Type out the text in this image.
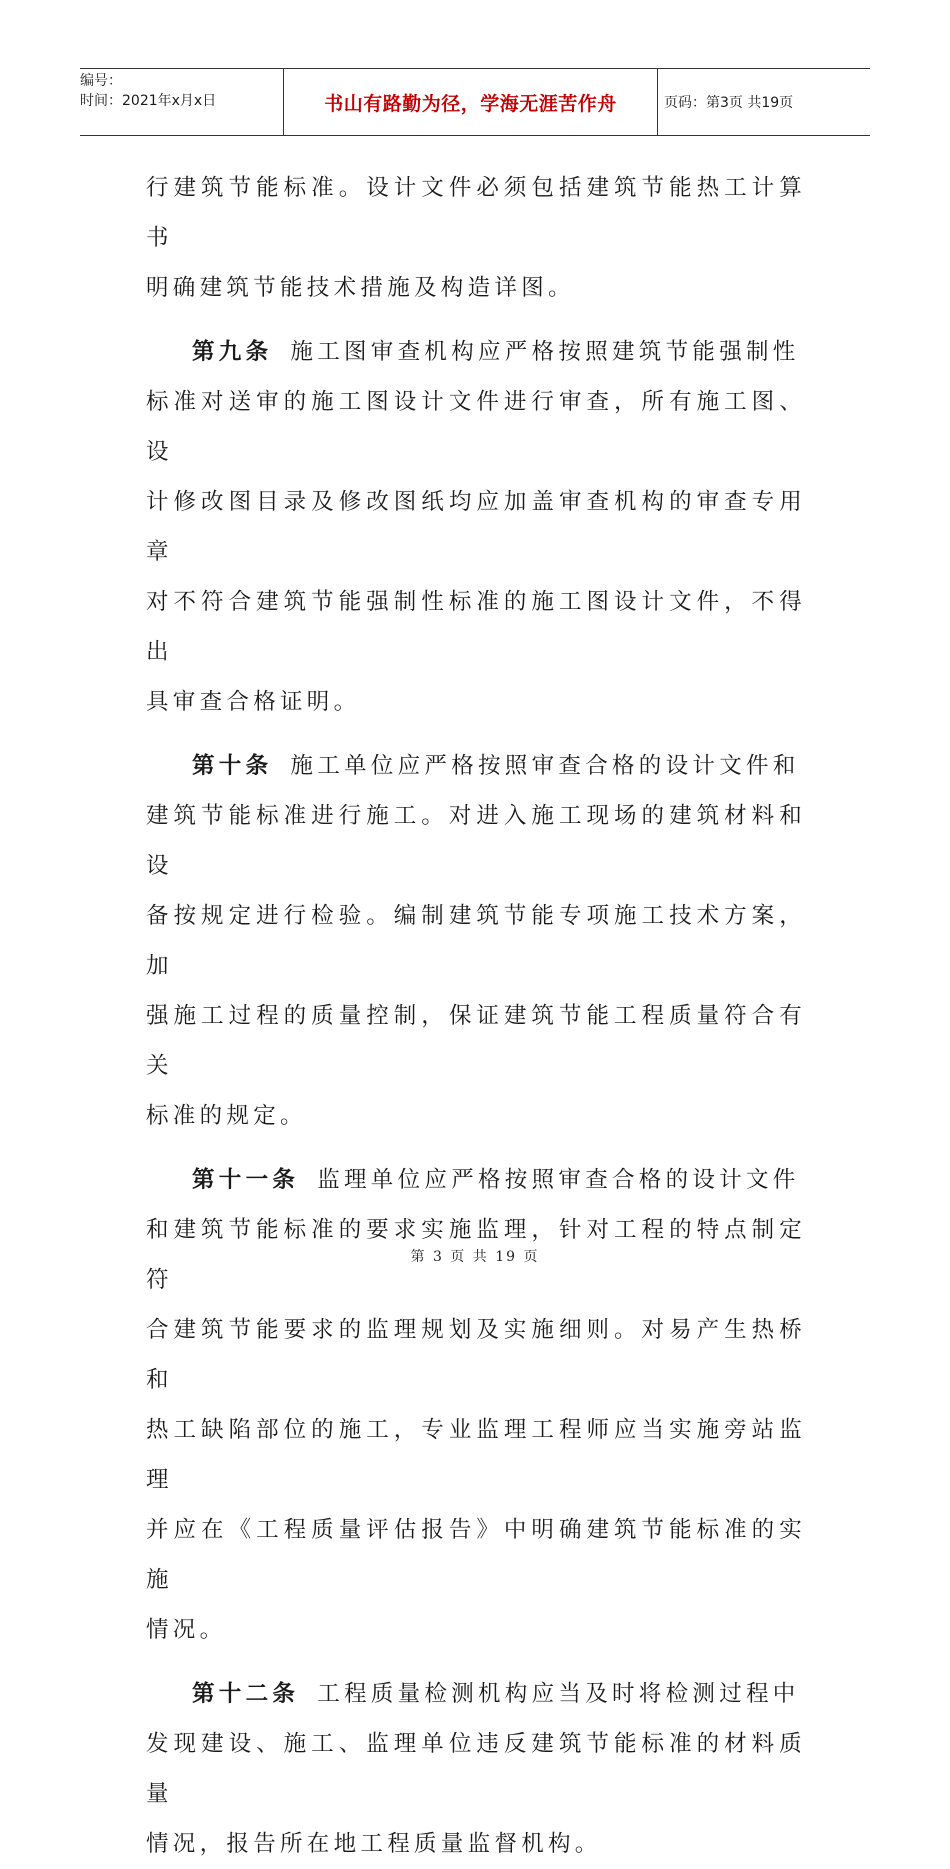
编号：
时间：2021年x月x日	书山有路勤为径，学海无涯苦作舟	页码：第3页 共19页

行建筑节能标准。设计文件必须包括建筑节能热工计算书

明确建筑节能技术措施及构造详图。

第九条 施工图审查机构应严格按照建筑节能强制性

标准对送审的施工图设计文件进行审查，所有施工图、设

计修改图目录及修改图纸均应加盖审查机构的审查专用章

对不符合建筑节能强制性标准的施工图设计文件，不得出

具审查合格证明。

第十条 施工单位应严格按照审查合格的设计文件和

建筑节能标准进行施工。对进入施工现场的建筑材料和设

备按规定进行检验。编制建筑节能专项施工技术方案，加

强施工过程的质量控制，保证建筑节能工程质量符合有关

标准的规定。

第十一条 监理单位应严格按照审查合格的设计文件

和建筑节能标准的要求实施监理，针对工程的特点制定符

合建筑节能要求的监理规划及实施细则。对易产生热桥和

热工缺陷部位的施工，专业监理工程师应当实施旁站监理

并应在《工程质量评估报告》中明确建筑节能标准的实施

情况。

第十二条 工程质量检测机构应当及时将检测过程中

发现建设、施工、监理单位违反建筑节能标准的材料质量

情况，报告所在地工程质量监督机构。

第 3 页 共 19 页
